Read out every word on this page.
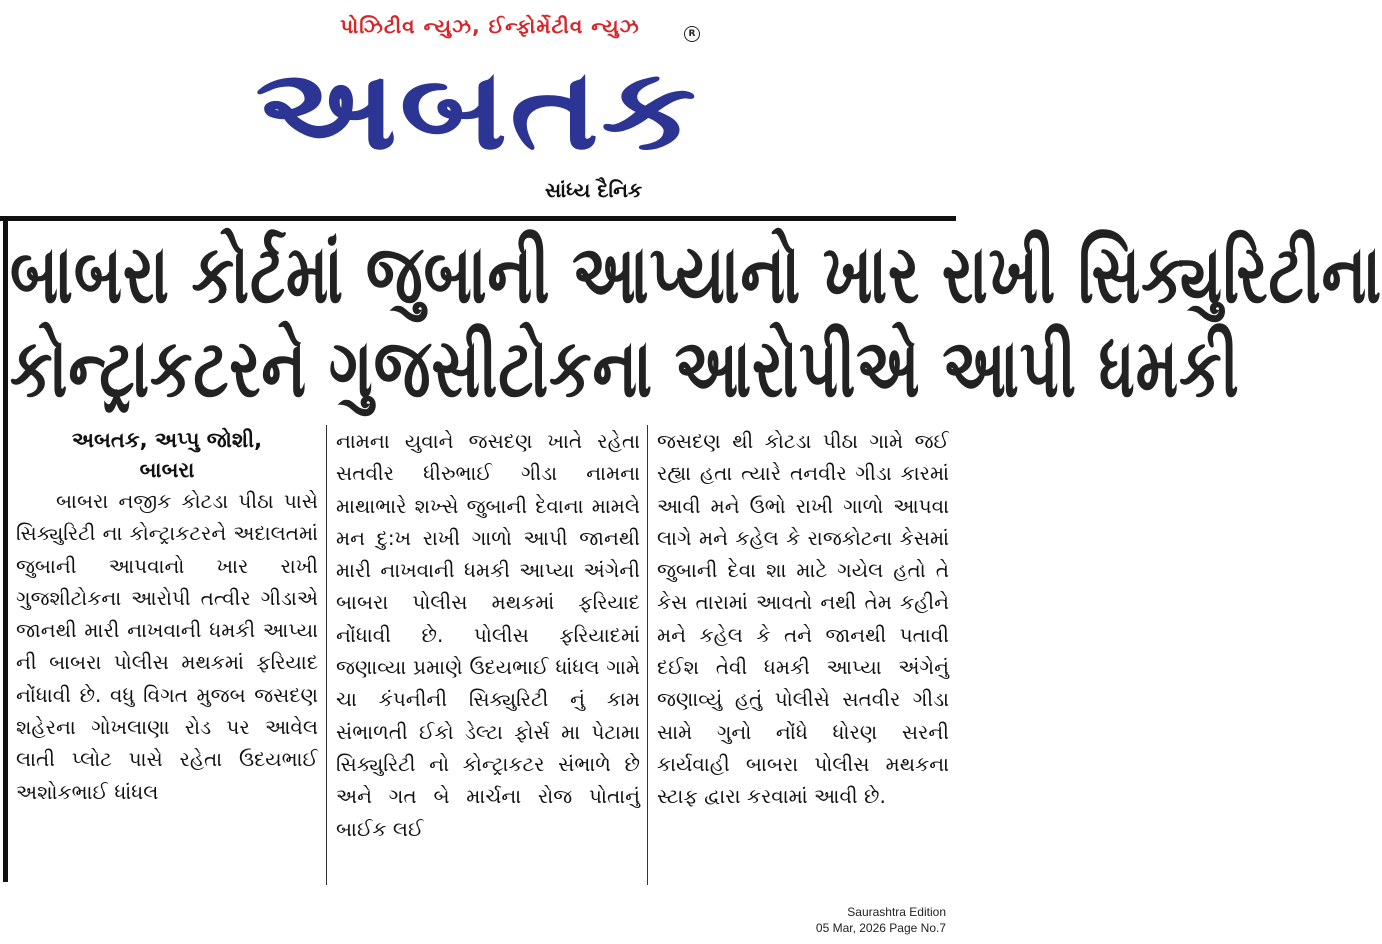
પોઝિટીવ ન્યુઝ, ઈન્ફોર્મેટીવ ન્યુઝ	R
અબતક
સાંધ્ય દૈનિક
બાબરા કોર્ટમાં જુબાની આપ્યાનો ખાર રાખી સિક્યુરિટીના
કોન્ટ્રાકટરને ગુજસીટોકના આરોપીએ આપી ધમકી
અબતક, અપ્પુ જોશી,
બાબરા
બાબરા નજીક કોટડા પીઠા પાસે સિક્યુરિટી ના કોન્ટ્રાકટરને અદાલતમાં જુબાની આપવાનો ખાર રાખી ગુજશીટોકના આરોપી તત્વીર ગીડાએ જાનથી મારી નાખવાની ધમકી આપ્યા ની બાબરા પોલીસ મથકમાં ફરિયાદ નોંધાવી છે. વધુ વિગત મુજબ જસદણ શહેરના ગોખલાણા રોડ પર આવેલ લાતી પ્લોટ પાસે રહેતા ઉદયભાઈ અશોકભાઈ ધાંધલ
નામના યુવાને જસદણ ખાતે રહેતા સતવીર ધીરુભાઈ ગીડા નામના માથાભારે શખ્સે જુબાની દેવાના મામલે મન દુ:ખ રાખી ગાળો આપી જાનથી મારી નાખવાની ધમકી આપ્યા અંગેની બાબરા પોલીસ મથકમાં ફરિયાદ નોંધાવી છે. પોલીસ ફરિયાદમાં જણાવ્યા પ્રમાણે ઉદયભાઈ ધાંધલ ગામે ચા કંપનીની સિક્યુરિટી નું કામ સંભાળતી ઈકો ડેલ્ટા ફોર્સ મા પેટામા સિક્યુરિટી નો કોન્ટ્રાકટર સંભાળે છે અને ગત બે માર્ચના રોજ પોતાનું બાઈક લઈ
જસદણ થી કોટડા પીઠા ગામે જઈ રહ્યા હતા ત્યારે તનવીર ગીડા કારમાં આવી મને ઉભો રાખી ગાળો આપવા લાગે મને કહેલ કે રાજકોટના કેસમાં જુબાની દેવા શા માટે ગયેલ હતો તે કેસ તારામાં આવતો નથી તેમ કહીને મને કહેલ કે તને જાનથી પતાવી દઈશ તેવી ધમકી આપ્યા અંગેનું જણાવ્યું હતું પોલીસે સતવીર ગીડા સામે ગુનો નોંધે ધોરણ સરની કાર્યવાહી બાબરા પોલીસ મથકના સ્ટાફ દ્વારા કરવામાં આવી છે.
Saurashtra Edition
05 Mar, 2026 Page No.7
